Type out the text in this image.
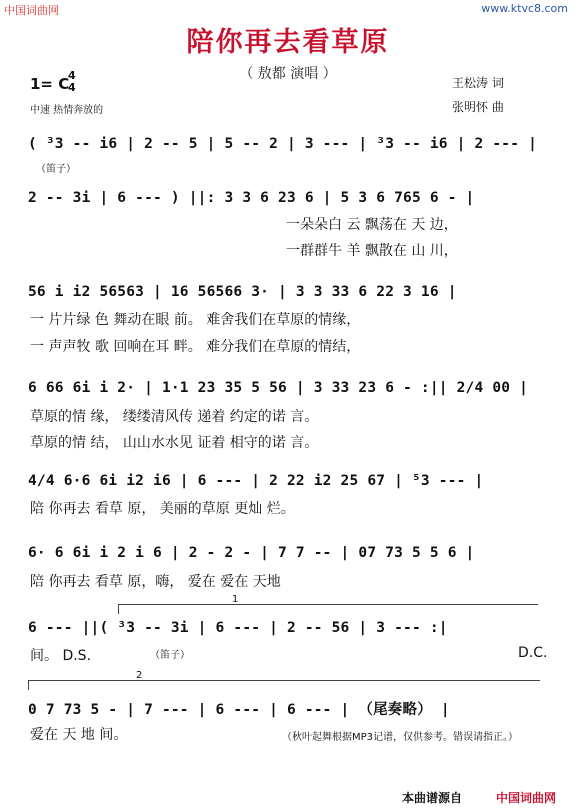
中国词曲网	www.ktvc8.com
陪你再去看草原
（ 敖都 演唱 ）
1= C
4
4
中速 热情奔放的
王松涛 词
张明怀 曲
( ³3 -- i6 | 2 -- 5 | 5 -- 2 | 3 --- | ³3 -- i6 | 2 --- |
（笛子）
2 -- 3i | 6 --- ) ||: 3 3 6 23 6 | 5 3 6 765 6 - |
一朵朵白 云 飘荡在 天 边，
一群群牛 羊 飘散在 山 川，
56 i i2 56563 | 16 56566 3· | 3 3 33 6 22 3 16 |
一 片片绿 色 舞动在眼 前。 难舍我们在草原的情缘，
一 声声牧 歌 回响在耳 畔。 难分我们在草原的情结，
6 66 6i i 2· | 1·1 23 35 5 56 | 3 33 23 6 - :|| 2/4 00 |
草原的情 缘， 缕缕清风传 递着 约定的诺 言。
草原的情 结， 山山水水见 证着 相守的诺 言。
4/4 6·6 6i i2 i6 | 6 --- | 2 22 i2 25 67 | ⁵3 --- |
陪 你再去 看草 原， 美丽的草原 更灿 烂。
6· 6 6i i 2 i 6 | 2 - 2 - | 7 7 -- | 07 73 5 5 6 |
陪 你再去 看草 原，嗨， 爱在 爱在 天地
1
6 --- ||( ³3 -- 3i | 6 --- | 2 -- 56 | 3 --- :|
（笛子）
间。 D.S.	D.C.
2
0 7 73 5 - | 7 --- | 6 --- | 6 --- | （尾奏略） |
爱在 天 地 间。	（秋叶起舞根据MP3记谱，仅供参考。错误请指正。）
本曲谱源自	中国词曲网
